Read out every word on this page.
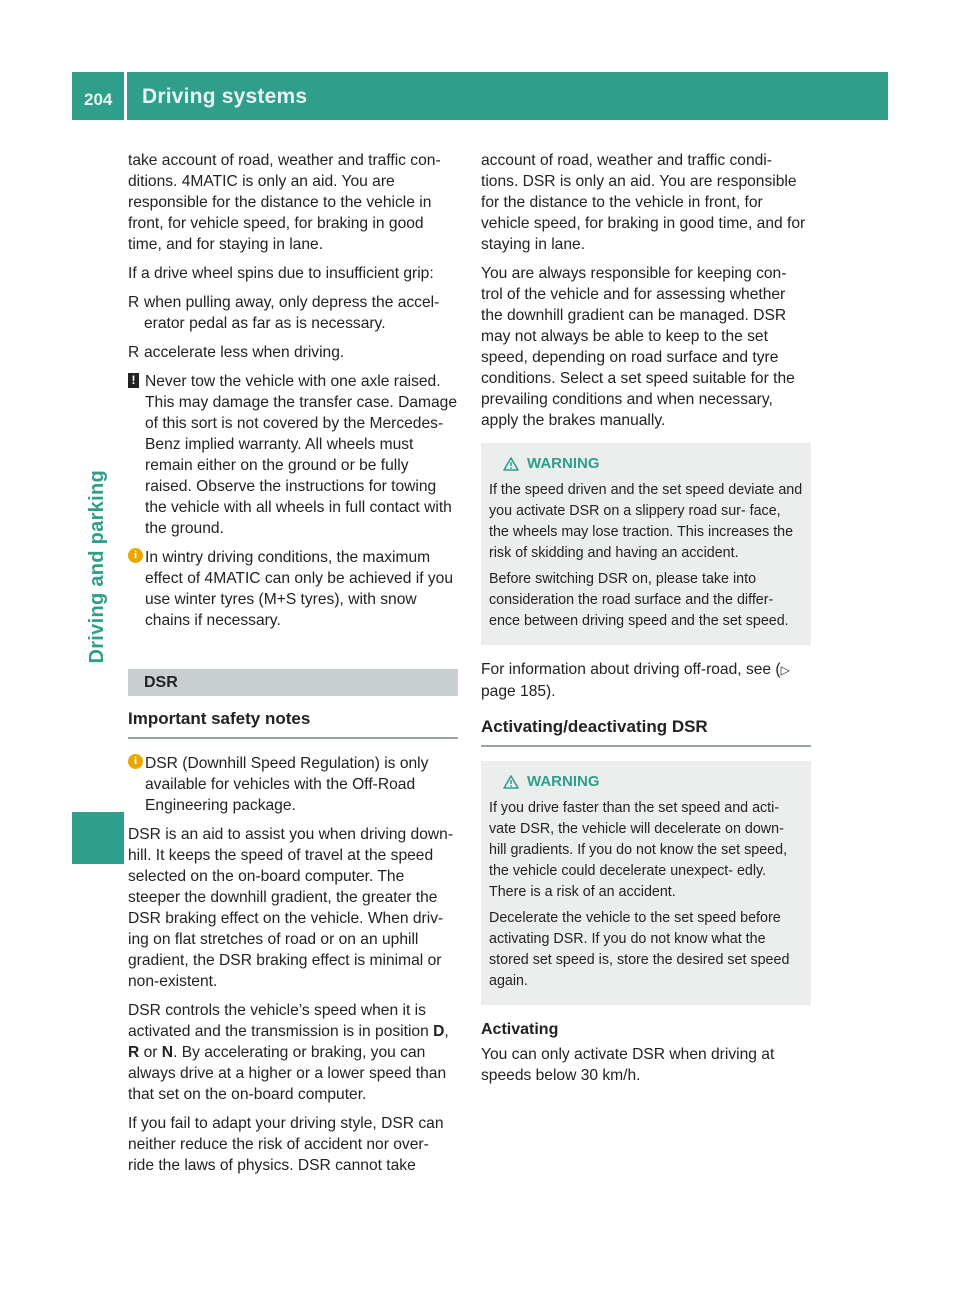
204 Driving systems
Driving and parking

take account of road, weather and traffic con- ditions. 4MATIC is only an aid. You are responsible for the distance to the vehicle in front, for vehicle speed, for braking in good time, and for staying in lane.

If a drive wheel spins due to insufficient grip:

R when pulling away, only depress the accel- erator pedal as far as is necessary.
R accelerate less when driving.
! Never tow the vehicle with one axle raised. This may damage the transfer case. Damage of this sort is not covered by the Mercedes-Benz implied warranty. All wheels must remain either on the ground or be fully raised. Observe the instructions for towing the vehicle with all wheels in full contact with the ground.
i In wintry driving conditions, the maximum effect of 4MATIC can only be achieved if you use winter tyres (M+S tyres), with snow chains if necessary.
DSR
Important safety notes
i DSR (Downhill Speed Regulation) is only available for vehicles with the Off-Road Engineering package.

DSR is an aid to assist you when driving down- hill. It keeps the speed of travel at the speed selected on the on-board computer. The steeper the downhill gradient, the greater the DSR braking effect on the vehicle. When driv- ing on flat stretches of road or on an uphill gradient, the DSR braking effect is minimal or non-existent.

DSR controls the vehicle’s speed when it is activated and the transmission is in position D, R or N. By accelerating or braking, you can always drive at a higher or a lower speed than that set on the on-board computer.

If you fail to adapt your driving style, DSR can neither reduce the risk of accident nor over- ride the laws of physics. DSR cannot take

account of road, weather and traffic condi- tions. DSR is only an aid. You are responsible for the distance to the vehicle in front, for vehicle speed, for braking in good time, and for staying in lane.

You are always responsible for keeping con- trol of the vehicle and for assessing whether the downhill gradient can be managed. DSR may not always be able to keep to the set speed, depending on road surface and tyre conditions. Select a set speed suitable for the prevailing conditions and when necessary, apply the brakes manually.

WARNING

If the speed driven and the set speed deviate and you activate DSR on a slippery road sur- face, the wheels may lose traction. This increases the risk of skidding and having an accident.

Before switching DSR on, please take into consideration the road surface and the differ- ence between driving speed and the set speed.

For information about driving off-road, see (▷ page 185).

Activating/deactivating DSR
WARNING

If you drive faster than the set speed and acti- vate DSR, the vehicle will decelerate on down- hill gradients. If you do not know the set speed, the vehicle could decelerate unexpect- edly. There is a risk of an accident.

Decelerate the vehicle to the set speed before activating DSR. If you do not know what the stored set speed is, store the desired set speed again.

Activating

You can only activate DSR when driving at speeds below 30 km/h.
